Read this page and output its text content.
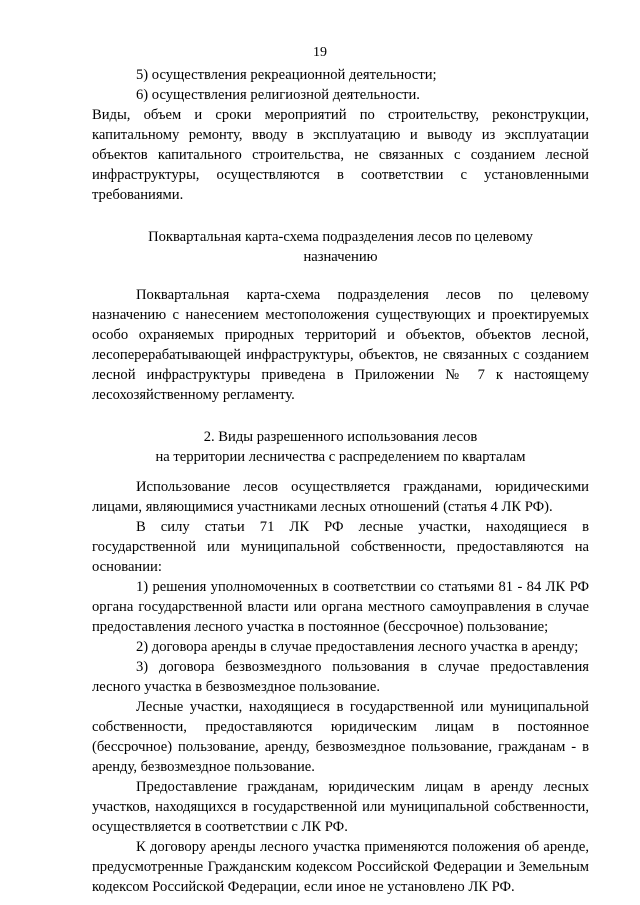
19

5) осуществления рекреационной деятельности;

6) осуществления религиозной деятельности.

Виды, объем и сроки мероприятий по строительству, реконструкции, капитальному ремонту, вводу в эксплуатацию и выводу из эксплуатации объектов капитального строительства, не связанных с созданием лесной инфраструктуры, осуществляются в соответствии с установленными требованиями.

Поквартальная карта-схема подразделения лесов по целевому

назначению

Поквартальная карта-схема подразделения лесов по целевому назначению с нанесением местоположения существующих и проектируемых особо охраняемых природных территорий и объектов, объектов лесной, лесоперерабатывающей инфраструктуры, объектов, не связанных с созданием лесной инфраструктуры приведена в Приложении № 7 к настоящему лесохозяйственному регламенту.

2. Виды разрешенного использования лесов

на территории лесничества с распределением по кварталам

Использование лесов осуществляется гражданами, юридическими лицами, являющимися участниками лесных отношений (статья 4 ЛК РФ).

В силу статьи 71 ЛК РФ лесные участки, находящиеся в государственной или муниципальной собственности, предоставляются на основании:

1) решения уполномоченных в соответствии со статьями 81 - 84 ЛК РФ органа государственной власти или органа местного самоуправления в случае предоставления лесного участка в постоянное (бессрочное) пользование;

2) договора аренды в случае предоставления лесного участка в аренду;

3) договора безвозмездного пользования в случае предоставления лесного участка в безвозмездное пользование.

Лесные участки, находящиеся в государственной или муниципальной собственности, предоставляются юридическим лицам в постоянное (бессрочное) пользование, аренду, безвозмездное пользование, гражданам - в аренду, безвозмездное пользование.

Предоставление гражданам, юридическим лицам в аренду лесных участков, находящихся в государственной или муниципальной собственности, осуществляется в соответствии с ЛК РФ.

К договору аренды лесного участка применяются положения об аренде, предусмотренные Гражданским кодексом Российской Федерации и Земельным кодексом Российской Федерации, если иное не установлено ЛК РФ.
